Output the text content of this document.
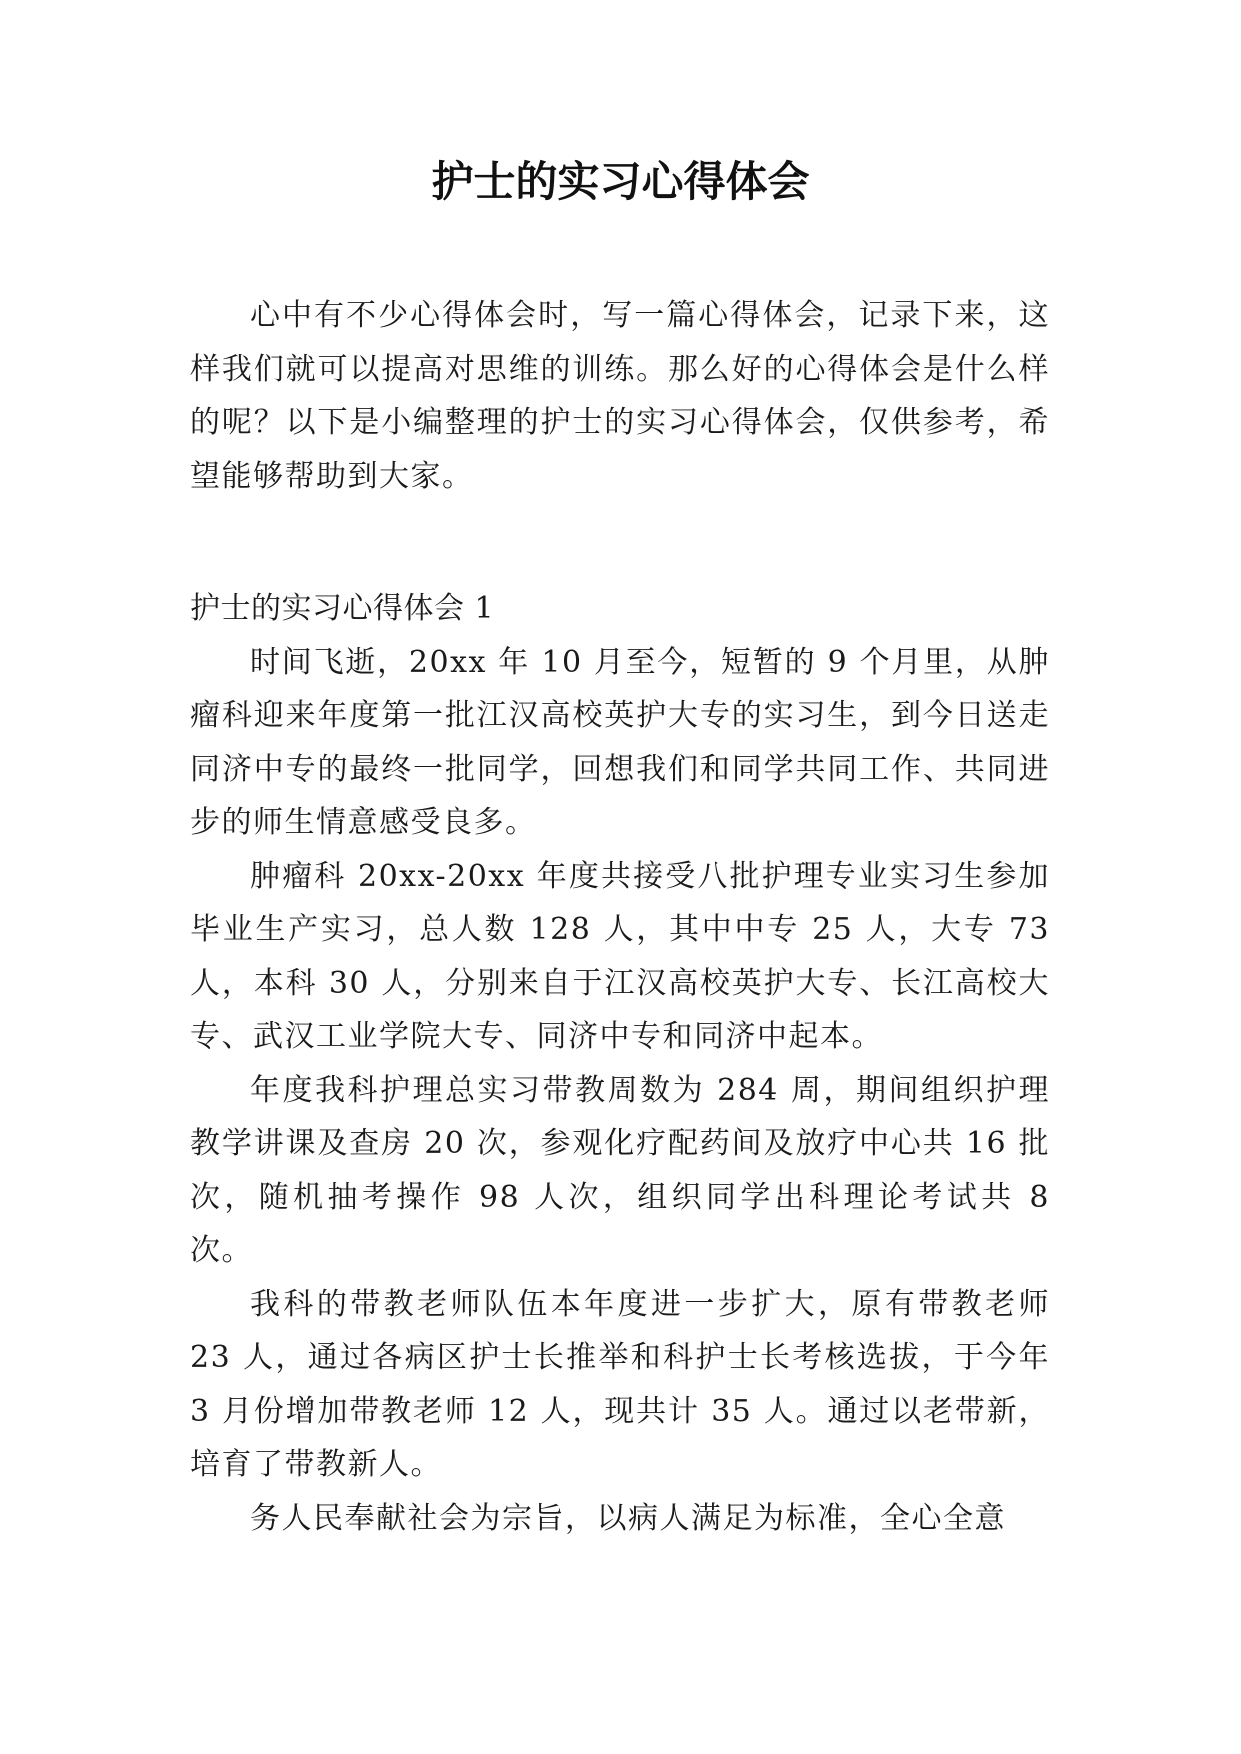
护士的实习心得体会

心中有不少心得体会时，写一篇心得体会，记录下来，这样我们就可以提高对思维的训练。那么好的心得体会是什么样的呢？以下是小编整理的护士的实习心得体会，仅供参考，希望能够帮助到大家。

护士的实习心得体会 1

时间飞逝，20xx 年 10 月至今，短暂的 9 个月里，从肿瘤科迎来年度第一批江汉高校英护大专的实习生，到今日送走同济中专的最终一批同学，回想我们和同学共同工作、共同进步的师生情意感受良多。

肿瘤科 20xx-20xx 年度共接受八批护理专业实习生参加毕业生产实习，总人数 128 人，其中中专 25 人，大专 73 人，本科 30 人，分别来自于江汉高校英护大专、长江高校大专、武汉工业学院大专、同济中专和同济中起本。

年度我科护理总实习带教周数为 284 周，期间组织护理教学讲课及查房 20 次，参观化疗配药间及放疗中心共 16 批次，随机抽考操作 98 人次，组织同学出科理论考试共 8 次。

我科的带教老师队伍本年度进一步扩大，原有带教老师 23 人，通过各病区护士长推举和科护士长考核选拔，于今年 3 月份增加带教老师 12 人，现共计 35 人。通过以老带新，培育了带教新人。

务人民奉献社会为宗旨，以病人满足为标准，全心全意
